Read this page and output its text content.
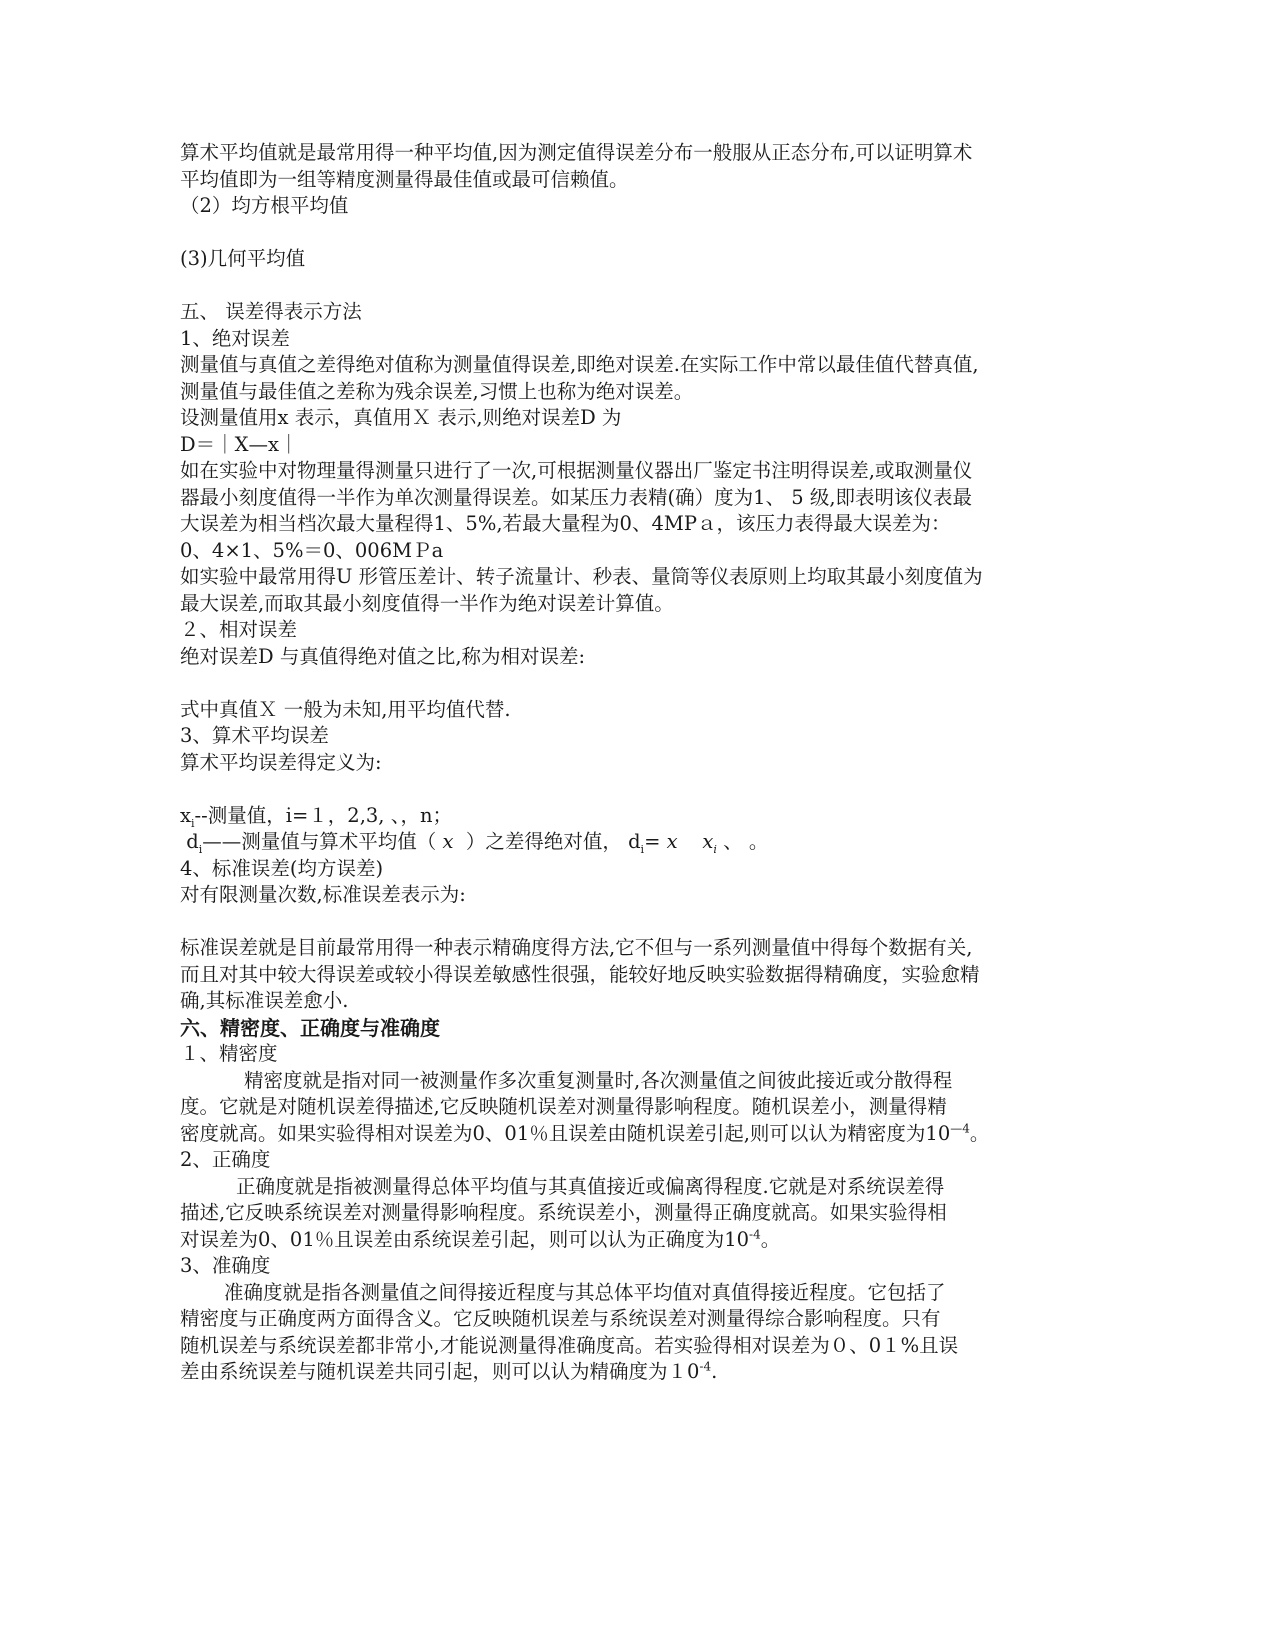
算术平均值就是最常用得一种平均值,因为测定值得误差分布一般服从正态分布,可以证明算术

平均值即为一组等精度测量得最佳值或最可信赖值。

（2）均方根平均值

(3)几何平均值

五、 误差得表示方法

1、绝对误差

测量值与真值之差得绝对值称为测量值得误差,即绝对误差.在实际工作中常以最佳值代替真值,

测量值与最佳值之差称为残余误差,习惯上也称为绝对误差。

设测量值用x 表示，真值用Ｘ 表示,则绝对误差D 为

D＝｜X—x｜

如在实验中对物理量得测量只进行了一次,可根据测量仪器出厂鉴定书注明得误差,或取测量仪

器最小刻度值得一半作为单次测量得误差。如某压力表精(确）度为1、 5 级,即表明该仪表最

大误差为相当档次最大量程得1、5%,若最大量程为0、4MPａ，该压力表得最大误差为：

0、4×1、5%＝0、006MＰa

如实验中最常用得U 形管压差计、转子流量计、秒表、量筒等仪表原则上均取其最小刻度值为

最大误差,而取其最小刻度值得一半作为绝对误差计算值。

２、相对误差

绝对误差D 与真值得绝对值之比,称为相对误差:

式中真值Ｘ 一般为未知,用平均值代替.

3、算术平均误差

算术平均误差得定义为:

$x_i--$测量值，i=１，2,3, 、，n；

$d_i——$测量值与算术平均值（ x ）之差得绝对值， $d_i= x$ $x_i$ 、 。

4、标准误差(均方误差)

对有限测量次数,标准误差表示为:

标准误差就是目前最常用得一种表示精确度得方法,它不但与一系列测量值中得每个数据有关,

而且对其中较大得误差或较小得误差敏感性很强，能较好地反映实验数据得精确度，实验愈精

确,其标准误差愈小.

六、精密度、正确度与准确度

１、精密度

精密度就是指对同一被测量作多次重复测量时,各次测量值之间彼此接近或分散得程

度。它就是对随机误差得描述,它反映随机误差对测量得影响程度。随机误差小，测量得精

密度就高。如果实验得相对误差为0、01％且误差由随机误差引起,则可以认为精密度为$10^{—4}$。

2、正确度

正确度就是指被测量得总体平均值与其真值接近或偏离得程度.它就是对系统误差得

描述,它反映系统误差对测量得影响程度。系统误差小，测量得正确度就高。如果实验得相

对误差为0、01％且误差由系统误差引起，则可以认为正确度为$10^{-4}$。

3、准确度

准确度就是指各测量值之间得接近程度与其总体平均值对真值得接近程度。它包括了

精密度与正确度两方面得含义。它反映随机误差与系统误差对测量得综合影响程度。只有

随机误差与系统误差都非常小,才能说测量得准确度高。若实验得相对误差为０、0１%且误

差由系统误差与随机误差共同引起，则可以认为精确度为$10^{-4}$.
